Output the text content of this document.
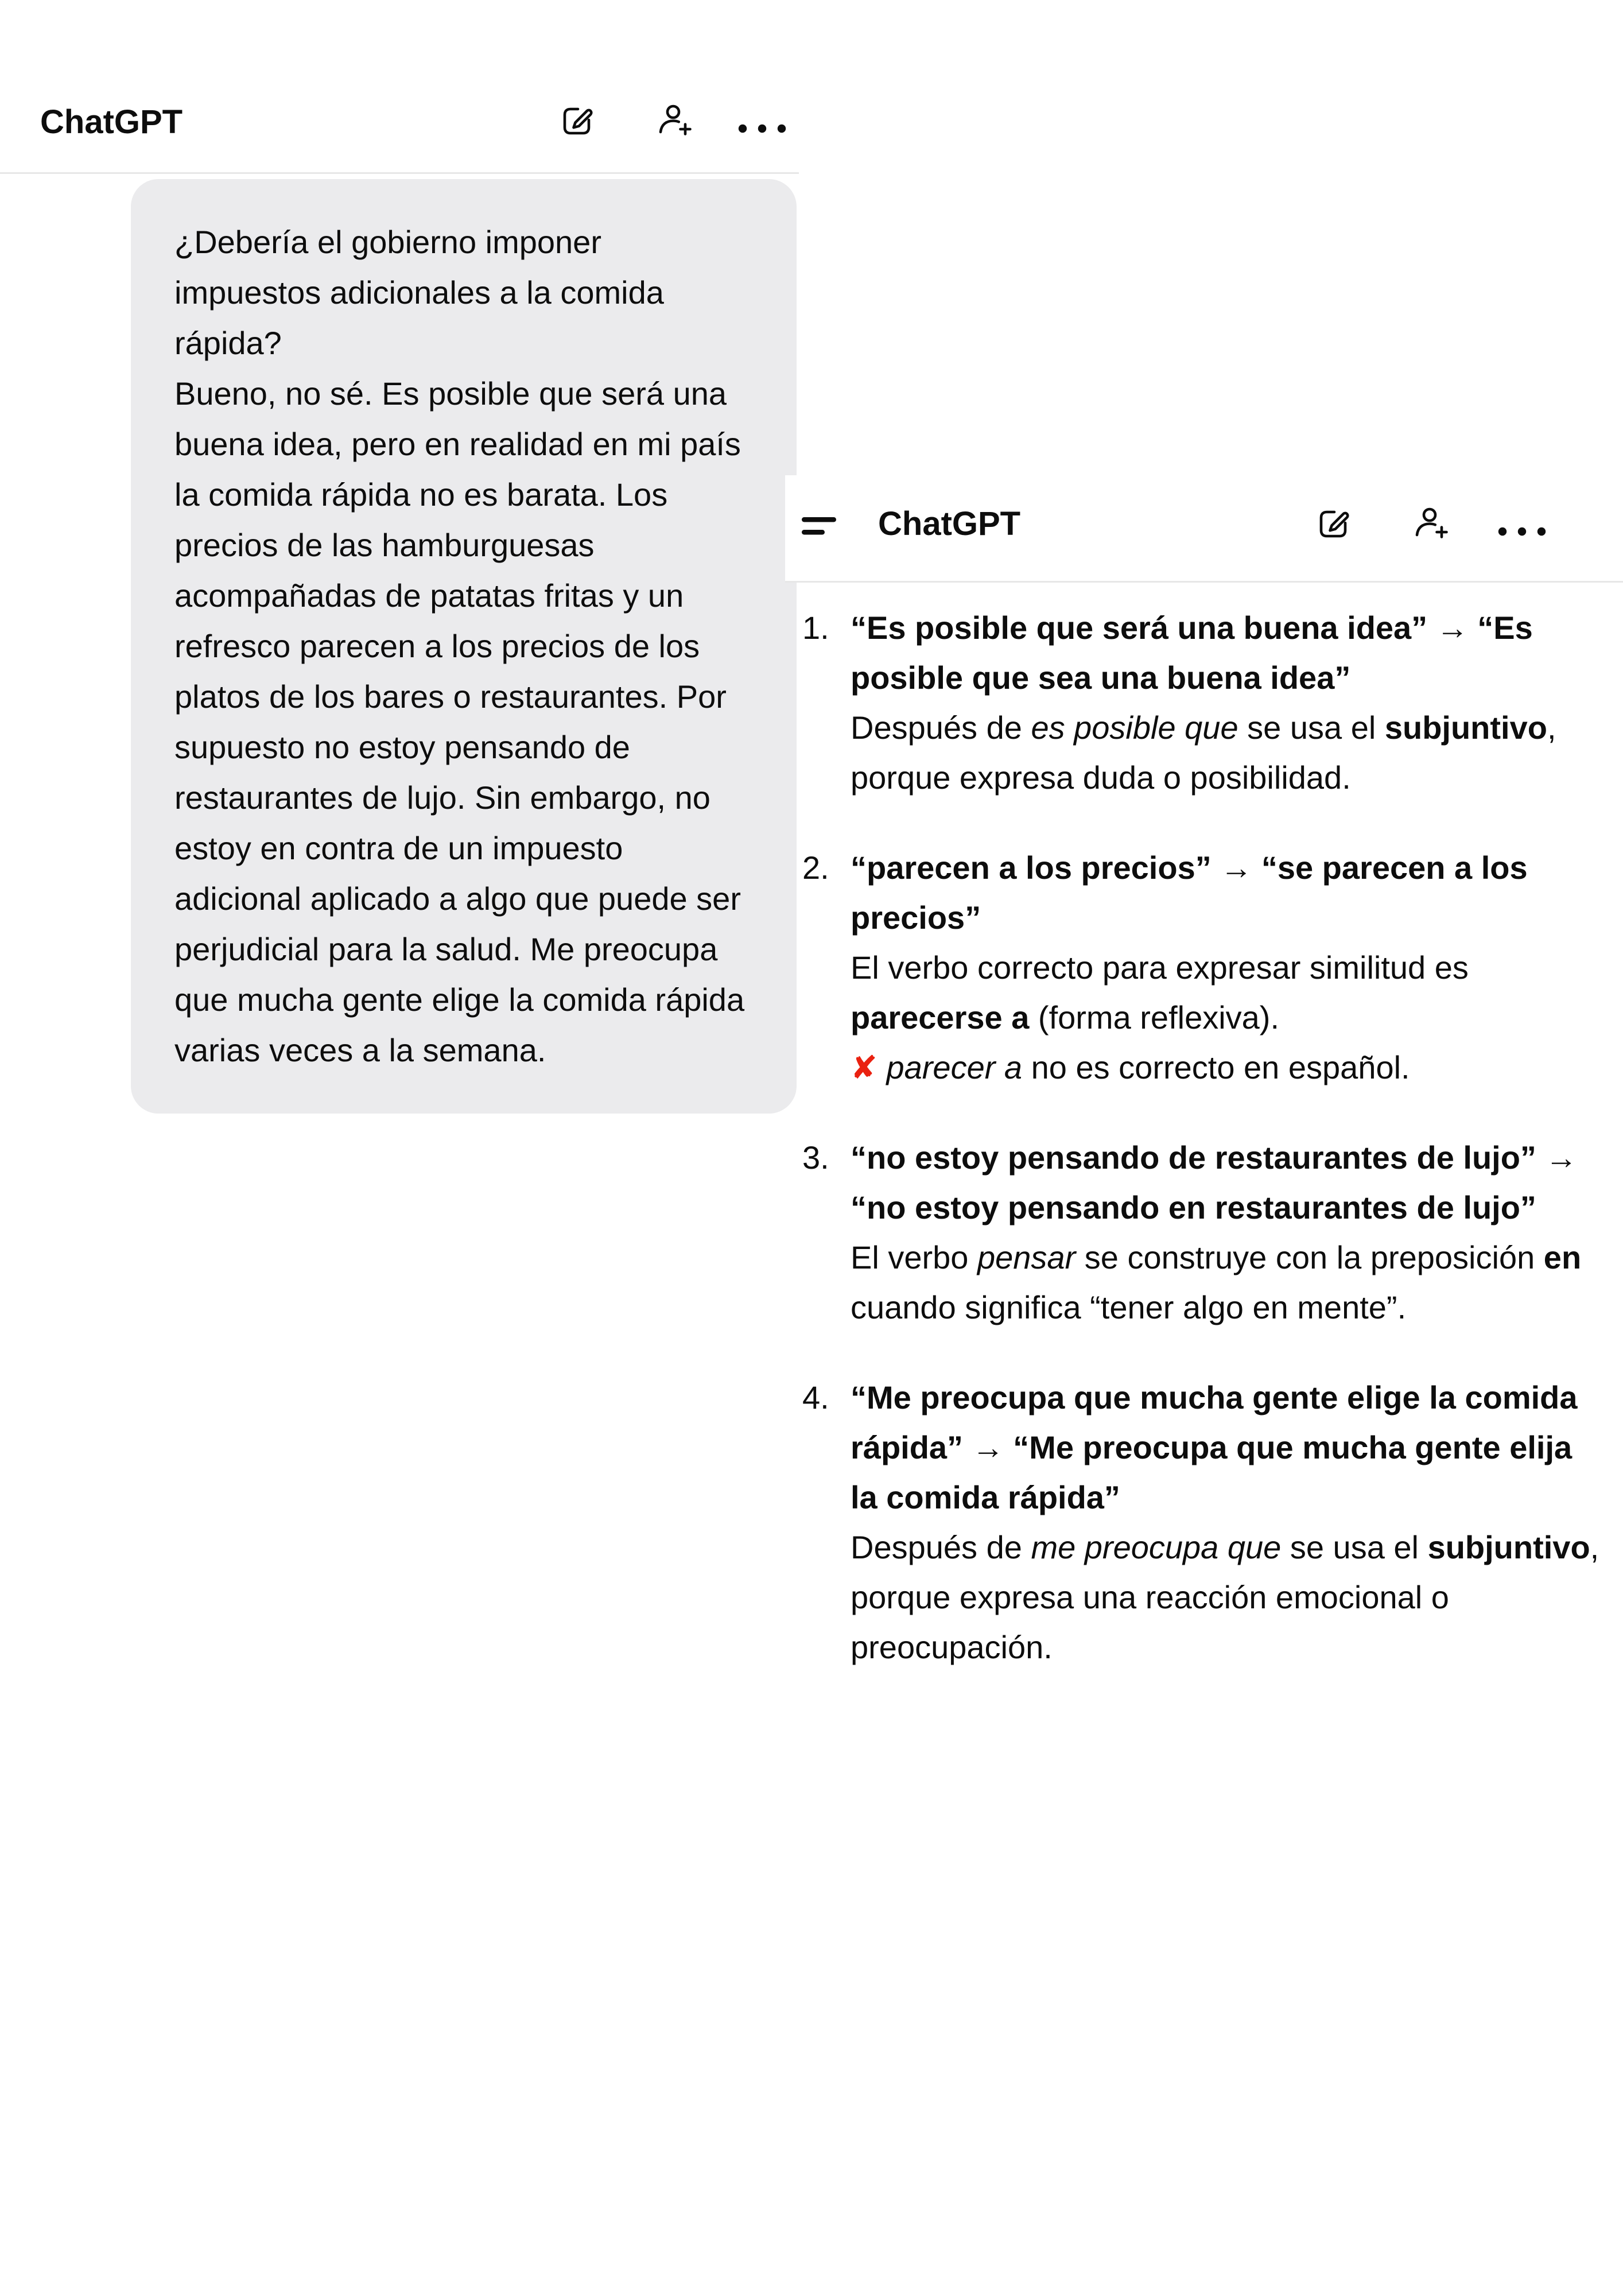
ChatGPT
¿Debería el gobierno imponer impuestos adicionales a la comida rápida?
Bueno, no sé. Es posible que será una buena idea, pero en realidad en mi país la comida rápida no es barata. Los precios de las hamburguesas acompañadas de patatas fritas y un refresco parecen a los precios de los platos de los bares o restaurantes. Por supuesto no estoy pensando de restaurantes de lujo. Sin embargo, no estoy en contra de un impuesto adicional aplicado a algo que puede ser perjudicial para la salud. Me preocupa que mucha gente elige la comida rápida varias veces a la semana.
ChatGPT
1. “Es posible que será una buena idea” → “Es posible que sea una buena idea”
Después de es posible que se usa el subjuntivo, porque expresa duda o posibilidad.
2. “parecen a los precios” → “se parecen a los precios”
El verbo correcto para expresar similitud es parecerse a (forma reflexiva).
✘ parecer a no es correcto en español.
3. “no estoy pensando de restaurantes de lujo” → “no estoy pensando en restaurantes de lujo”
El verbo pensar se construye con la preposición en cuando significa “tener algo en mente”.
4. “Me preocupa que mucha gente elige la comida rápida” → “Me preocupa que mucha gente elija la comida rápida”
Después de me preocupa que se usa el subjuntivo, porque expresa una reacción emocional o preocupación.
